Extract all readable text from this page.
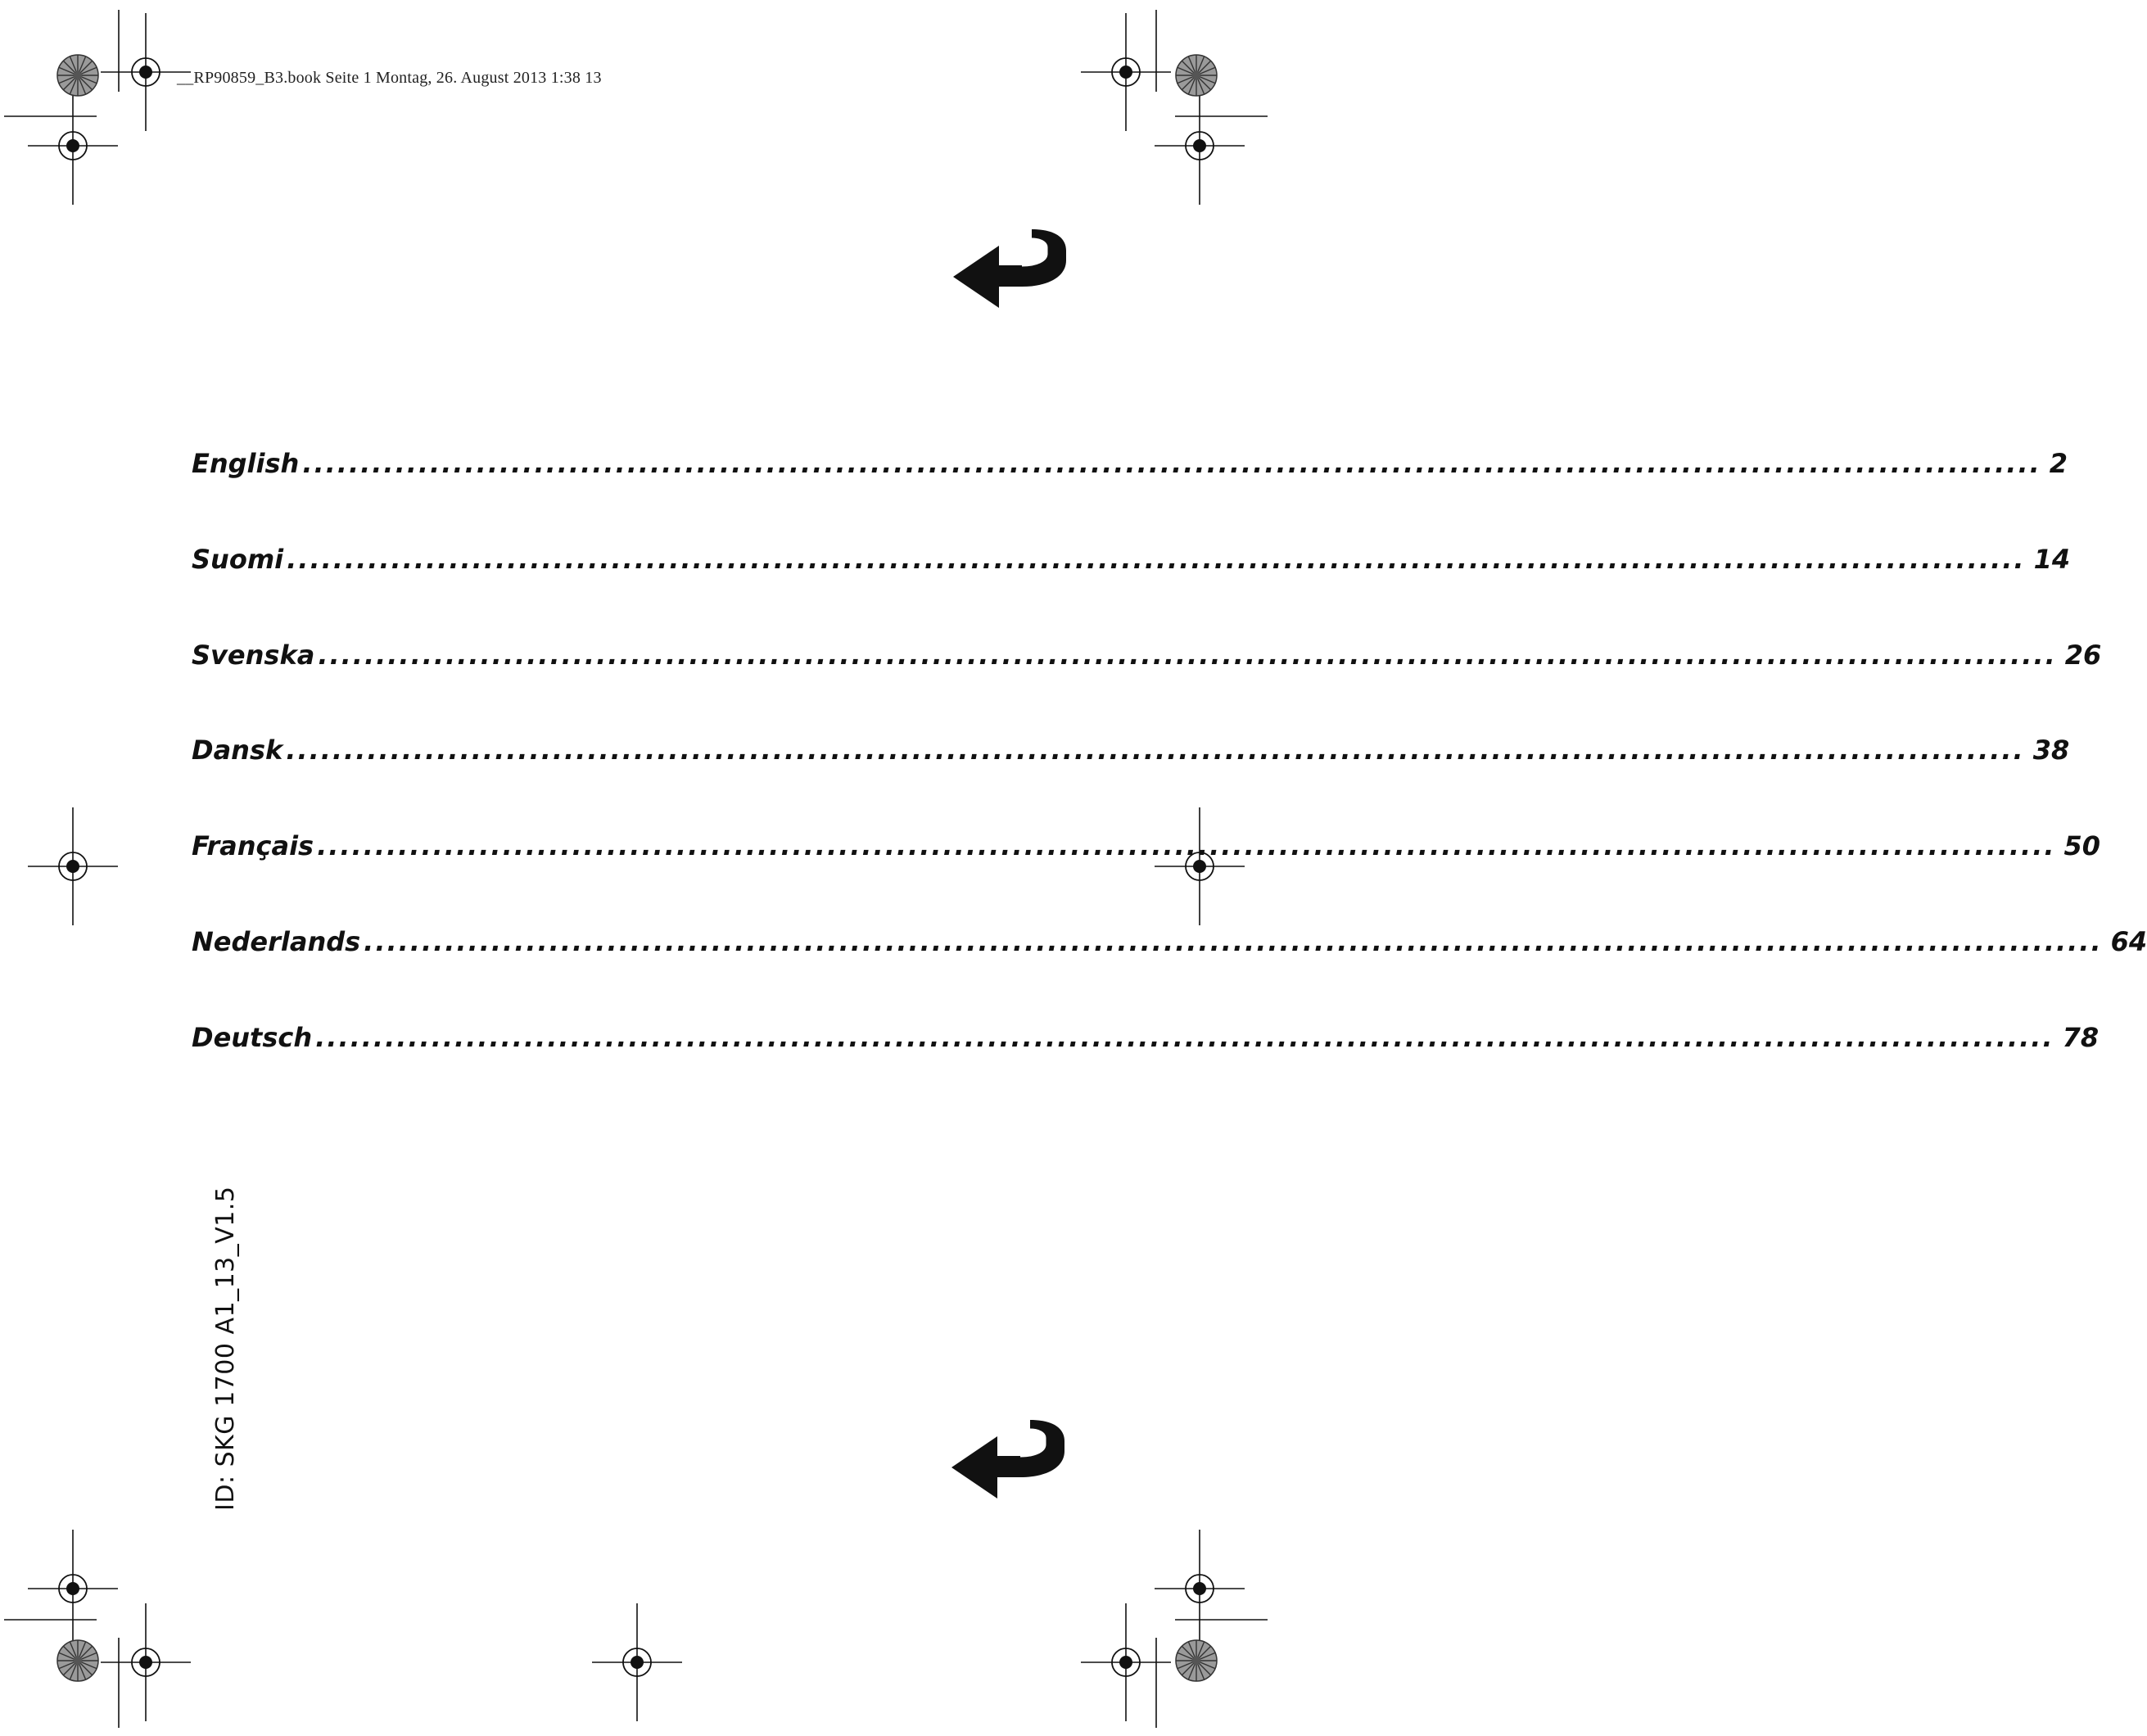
__RP90859_B3.book Seite 1 Montag, 26. August 2013 1:38 13
English ...................................................................................................................................................... 2
Suomi ...................................................................................................................................................... 14
Svenska ...................................................................................................................................................... 26
Dansk ...................................................................................................................................................... 38
Français ...................................................................................................................................................... 50
Nederlands ...................................................................................................................................................... 64
Deutsch ...................................................................................................................................................... 78
ID: SKG 1700 A1_13_V1.5
